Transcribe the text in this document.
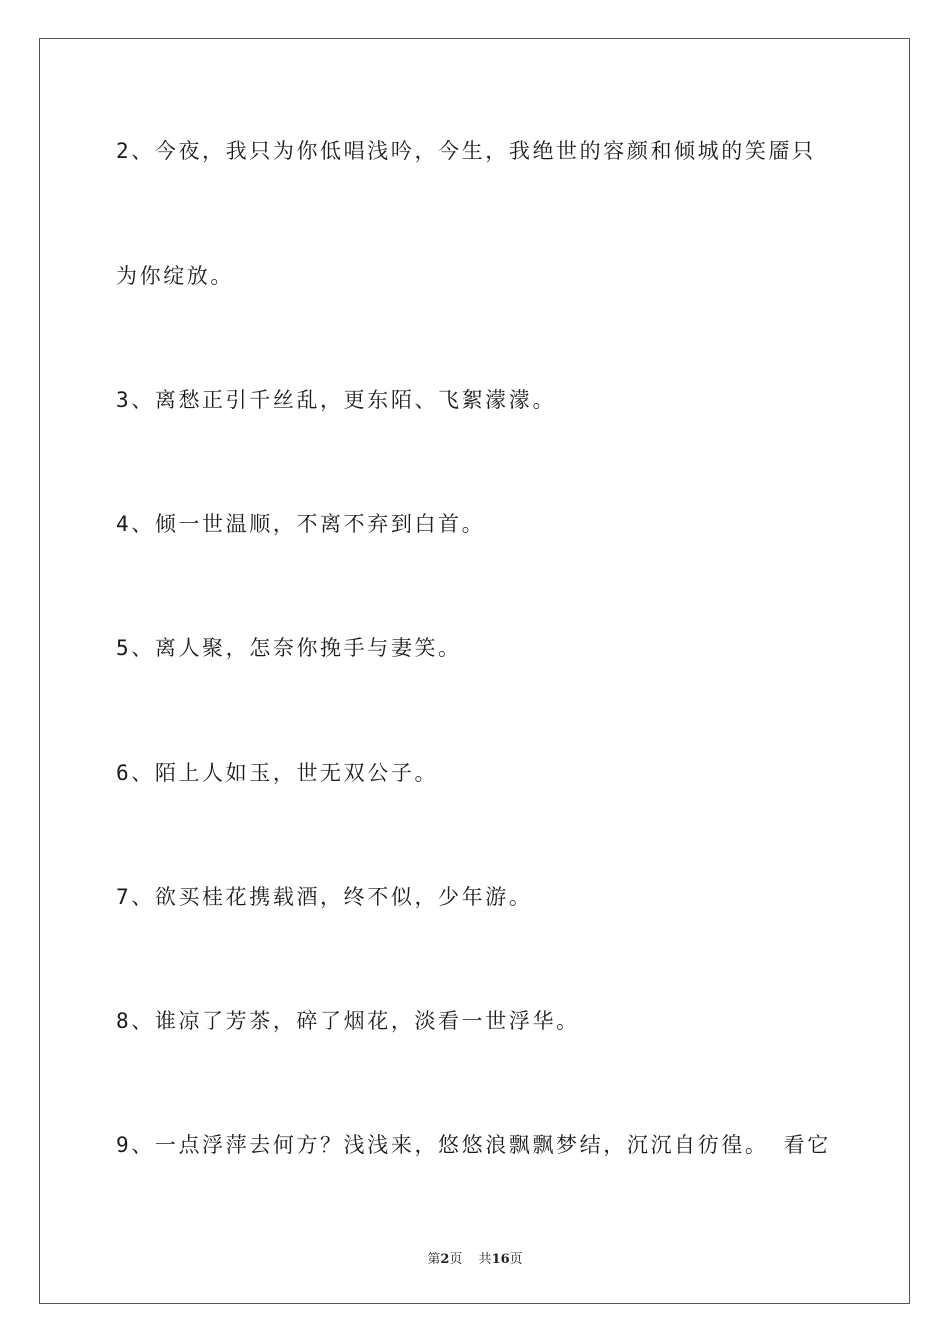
2、今夜，我只为你低唱浅吟，今生，我绝世的容颜和倾城的笑靥只
为你绽放。
3、离愁正引千丝乱，更东陌、飞絮濛濛。
4、倾一世温顺，不离不弃到白首。
5、离人聚，怎奈你挽手与妻笑。
6、陌上人如玉，世无双公子。
7、欲买桂花携载酒，终不似，少年游。
8、谁凉了芳茶，碎了烟花，淡看一世浮华。
9、一点浮萍去何方？浅浅来，悠悠浪飘飘梦结，沉沉自彷徨。 看它
第2页 共16页
